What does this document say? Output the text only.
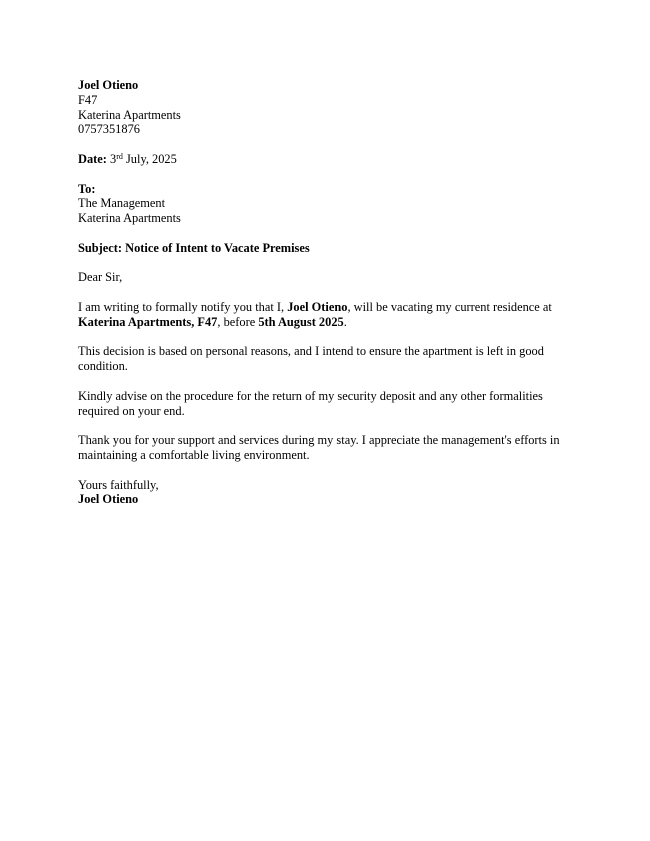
Joel Otieno
F47
Katerina Apartments
0757351876
Date: 3rd July, 2025
To:
The Management
Katerina Apartments
Subject: Notice of Intent to Vacate Premises
Dear Sir,
I am writing to formally notify you that I, Joel Otieno, will be vacating my current residence at
Katerina Apartments, F47, before 5th August 2025.
This decision is based on personal reasons, and I intend to ensure the apartment is left in good
condition.
Kindly advise on the procedure for the return of my security deposit and any other formalities
required on your end.
Thank you for your support and services during my stay. I appreciate the management's efforts in
maintaining a comfortable living environment.
Yours faithfully,
Joel Otieno
